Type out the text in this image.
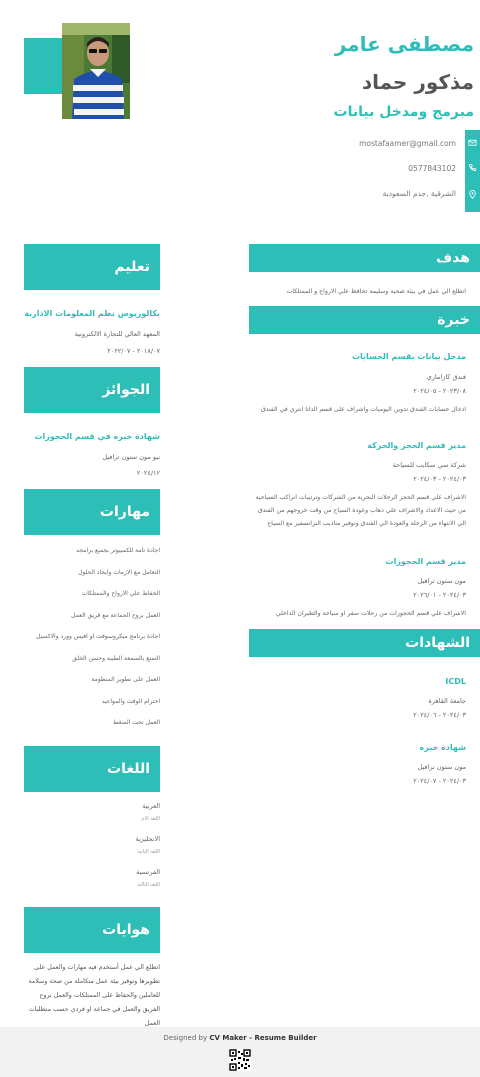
مصطفى عامر
مذكور حماد
مبرمج ومدخل بيانات
mostafaamer@gmail.com
0577843102
الشرقية ,جدم السعودية
هدف
اتطلع الي عمل في بيئة صحية وسليمة تحافظ علي الارواح و الممتلكات
خبرة
مدخل بيانات بقسم الحسابات
فندق كازاماري
٢٠٢٣/٠٨ - ٢٠٢٤/٠٥
ادخال حسابات الفندق تدوين اليوميات واشراف على قسم الداتا انتري في الفندق
مدير قسم الحجز والحركة
شركة سي سكايب للسياحة
٢٠٢٤/٠٣ - ٢٠٢٤/٠٣
الاشراف علي قسم الحجز الرحلات البحرية من الشركات وترتيبات انراكب السياحية من حيث الاعداد والاشراف علي ذهاب وعودة السياح من وقت خروجهم من الفندق الي الانتهاء من الرحلة والعودة الي الفندق وتوفير مناديب الترانسفير مع السياح
مدير قسم الحجوزات
مون ستون ترافيل
٢٠٢٤/٠٣ - ٢٠٢٦/٠١
الاشراف علي قسم الحجوزات من رحلات سفر او سياحة والطيران الداخلي
الشهادات
ICDL
جامعة القاهرة
٢٠٢٤/٠٣ - ٢٠٢٤/٠٦
شهادة خبره
مون ستون ترافيل
٢٠٢٤/٠٣ - ٢٠٢٤/٠٧
تعليم
بكالوريوس نظم المعلومات الادارية
المعهد العالي للتجارة الالكترونية
٢٠١٨/٠٧ - ٢٠٢٢/٠٧
الجوائز
شهادة خبره في قسم الحجوزات
نيو مون ستون ترافيل
٢٠٢٤/١٢
مهارات
اجادة تامة للكمبيوتر بجميع برامجه
التعامل مع الازمات وايجاد الحلول
الحفاظ علي الارواح والممتلكات
العمل بروح الجماعة مع فريق العمل
اجادة برنامج ميكروسوفت او افيس وورد والاكسيل
التمتع بالسمعة الطيبة وحسن الخلق
العمل على تطوير المنظومة
احترام الوقت والمواعيد
العمل تحت الضغط
اللغات
العربية
اللغة الام
الانجليزية
اللغة الثانية
الفرنسية
اللغة الثالثة
هوايات
اتطلع الي عمل أستخدم فيه مهارات والعمل على تطويرها وتوفير بيئة عمل متكاملة من صحة وسلامة للعاملين والحفاظ على الممتلكات والعمل بروح الفريق والعمل في جماعة او فردي حسب متطلبات العمل
Designed by CV Maker - Resume Builder
